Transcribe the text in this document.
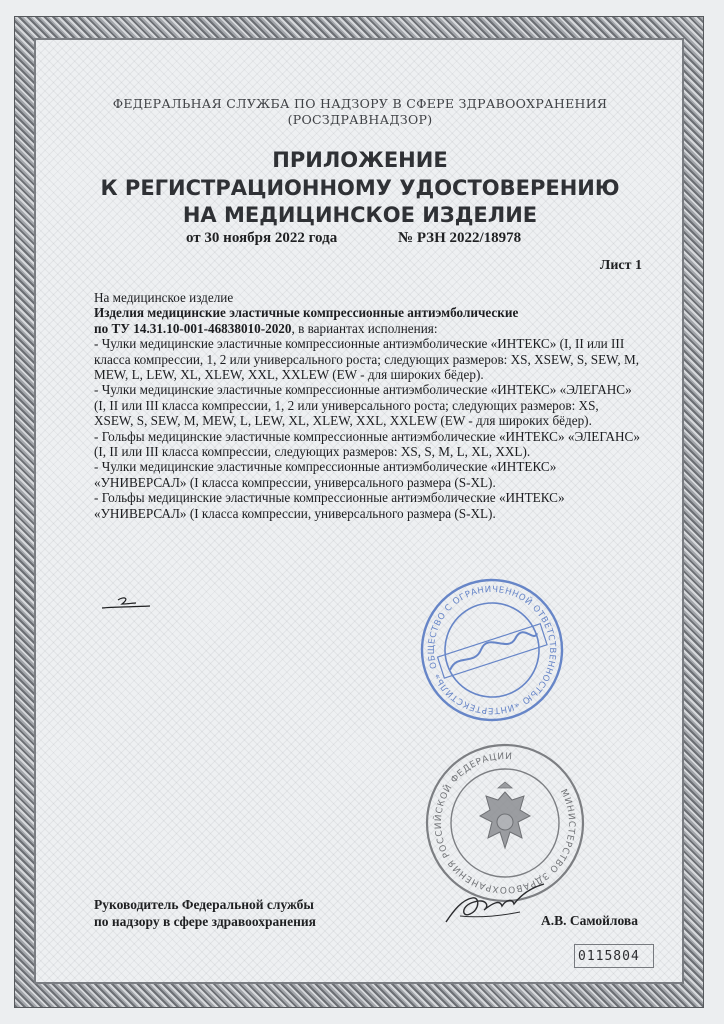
ФЕДЕРАЛЬНАЯ СЛУЖБА ПО НАДЗОРУ В СФЕРЕ ЗДРАВООХРАНЕНИЯ
(РОСЗДРАВНАДЗОР)
ПРИЛОЖЕНИЕ
К РЕГИСТРАЦИОННОМУ УДОСТОВЕРЕНИЮ
НА МЕДИЦИНСКОЕ ИЗДЕЛИЕ
от 30 ноября 2022 года	№ РЗН 2022/18978
Лист 1

На медицинское изделие

Изделия медицинские эластичные компрессионные антиэмболические

по ТУ 14.31.10-001-46838010-2020, в вариантах исполнения:

- Чулки медицинские эластичные компрессионные антиэмболические «ИНТЕКС» (I, II или III класса компрессии, 1, 2 или универсального роста; следующих размеров: XS, XSEW, S, SEW, M, MEW, L, LEW, XL, XLEW, XXL, XXLEW (EW - для широких бёдер).

- Чулки медицинские эластичные компрессионные антиэмболические «ИНТЕКС» «ЭЛЕГАНС» (I, II или III класса компрессии, 1, 2 или универсального роста; следующих размеров: XS, XSEW, S, SEW, M, MEW, L, LEW, XL, XLEW, XXL, XXLEW (EW - для широких бёдер).

- Гольфы медицинские эластичные компрессионные антиэмболические «ИНТЕКС» «ЭЛЕГАНС» (I, II или III класса компрессии, следующих размеров: XS, S, M, L, XL, XXL).

- Чулки медицинские эластичные компрессионные антиэмболические «ИНТЕКС» «УНИВЕРСАЛ» (I класса компрессии, универсального размера (S-XL).

- Гольфы медицинские эластичные компрессионные антиэмболические «ИНТЕКС» «УНИВЕРСАЛ» (I класса компрессии, универсального размера (S-XL).

ОБЩЕСТВО С ОГРАНИЧЕННОЙ ОТВЕТСТВЕННОСТЬЮ «ИНТЕРТЕКСТИЛЬ»
МИНИСТЕРСТВО ЗДРАВООХРАНЕНИЯ РОССИЙСКОЙ ФЕДЕРАЦИИ
Руководитель Федеральной службы
по надзору в сфере здравоохранения	А.В. Самойлова
0115804
